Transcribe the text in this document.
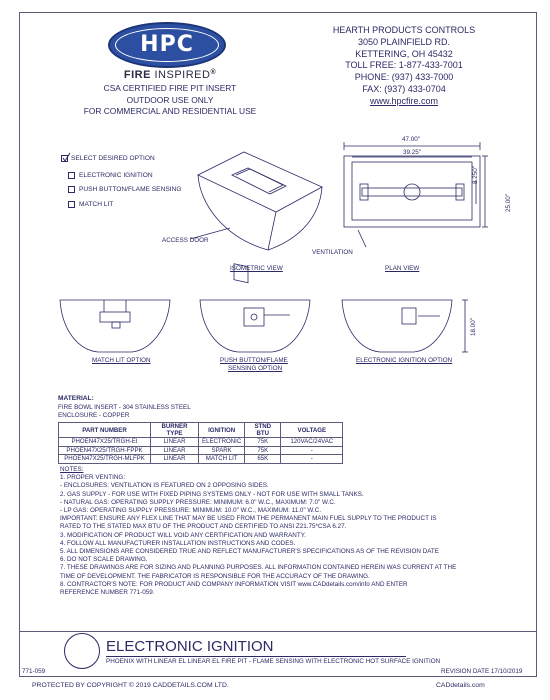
HPC
FIRE INSPIRED®
CSA CERTIFIED FIRE PIT INSERT
OUTDOOR USE ONLY
FOR COMMERCIAL AND RESIDENTIAL USE
HEARTH PRODUCTS CONTROLS
3050 PLAINFIELD RD.
KETTERING, OH 45432
TOLL FREE: 1-877-433-7001
PHONE: (937) 433-7000
FAX: (937) 433-0704
www.hpcfire.com
SELECT DESIRED OPTION
ELECTRONIC IGNITION
PUSH BUTTON/FLAME SENSING
MATCH LIT
ACCESS DOOR
ISOMETRIC VIEW	PLAN VIEW
VENTILATION
47.00"
39.25"
8.250"
25.00"
18.00"
MATCH LIT OPTION	PUSH BUTTON/FLAME
SENSING OPTION
ELECTRONIC IGNITION OPTION
MATERIAL:
FIRE BOWL INSERT - 304 STAINLESS STEEL
ENCLOSURE - COPPER
PART NUMBER	BURNER TYPE	IGNITION	STND BTU	VOLTAGE
PHOEN47X25/TRGH-EI	LINEAR	ELECTRONIC	75K	120VAC/24VAC
PHOEN47X25/TRGH-FPPK	LINEAR	SPARK	75K	-
PHOEN47X25/TRGH-MLFPK	LINEAR	MATCH LIT	65K	-

NOTES:

1. PROPER VENTING:

- ENCLOSURES: VENTILATION IS FEATURED ON 2 OPPOSING SIDES.

2. GAS SUPPLY - FOR USE WITH FIXED PIPING SYSTEMS ONLY - NOT FOR USE WITH SMALL TANKS.

- NATURAL GAS: OPERATING SUPPLY PRESSURE: MINIMUM: 6.0" W.C., MAXIMUM: 7.0" W.C.

- LP GAS: OPERATING SUPPLY PRESSURE: MINIMUM: 10.0" W.C., MAXIMUM: 11.0" W.C.

IMPORTANT: ENSURE ANY FLEX LINE THAT MAY BE USED FROM THE PERMANENT MAIN FUEL SUPPLY TO THE PRODUCT IS

RATED TO THE STATED MAX BTU OF THE PRODUCT AND CERTIFIED TO ANSI Z21.75*CSA 6.27.

3. MODIFICATION OF PRODUCT WILL VOID ANY CERTIFICATION AND WARRANTY.

4. FOLLOW ALL MANUFACTURER INSTALLATION INSTRUCTIONS AND CODES.

5. ALL DIMENSIONS ARE CONSIDERED TRUE AND REFLECT MANUFACTURER'S SPECIFICATIONS AS OF THE REVISION DATE

6. DO NOT SCALE DRAWING.

7. THESE DRAWINGS ARE FOR SIZING AND PLANNING PURPOSES. ALL INFORMATION CONTAINED HEREIN WAS CURRENT AT THE

TIME OF DEVELOPMENT. THE FABRICATOR IS RESPONSIBLE FOR THE ACCURACY OF THE DRAWING.

8. CONTRACTOR'S NOTE: FOR PRODUCT AND COMPANY INFORMATION VISIT www.CADdetails.com/info AND ENTER

REFERENCE NUMBER 771-059.

ELECTRONIC IGNITION
PHOENIX WITH LINEAR EL LINEAR EL FIRE PIT - FLAME SENSING WITH ELECTRONIC HOT SURFACE IGNITION
771-059	REVISION DATE 17/10/2019
PROTECTED BY COPYRIGHT © 2019 CADDETAILS.COM LTD.	CADdetails.com
